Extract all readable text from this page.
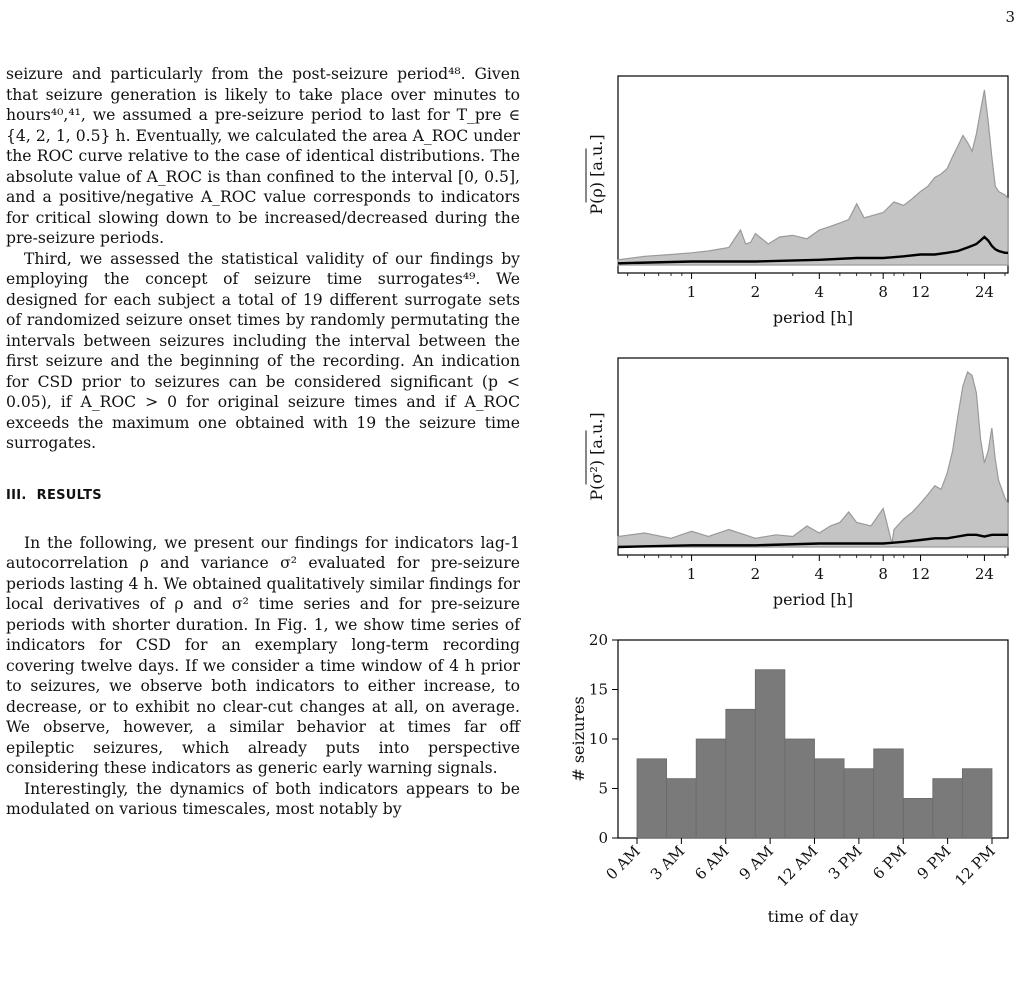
3

seizure and particularly from the post-seizure period⁴⁸. Given that seizure generation is likely to take place over minutes to hours⁴⁰,⁴¹, we assumed a pre-seizure period to last for T_pre ∈ {4, 2, 1, 0.5} h. Eventually, we calculated the area A_ROC under the ROC curve relative to the case of identical distributions. The absolute value of A_ROC is than confined to the interval [0, 0.5], and a positive/negative A_ROC value corresponds to indicators for critical slowing down to be increased/decreased during the pre-seizure periods.

Third, we assessed the statistical validity of our findings by employing the concept of seizure time surrogates⁴⁹. We designed for each subject a total of 19 different surrogate sets of randomized seizure onset times by randomly permutating the intervals between seizures including the interval between the first seizure and the beginning of the recording. An indication for CSD prior to seizures can be considered significant (p < 0.05), if A_ROC > 0 for original seizure times and if A_ROC exceeds the maximum one obtained with 19 the seizure time surrogates.

III. RESULTS

In the following, we present our findings for indicators lag-1 autocorrelation ρ and variance σ² evaluated for pre-seizure periods lasting 4 h. We obtained qualitatively similar findings for local derivatives of ρ and σ² time series and for pre-seizure periods with shorter duration. In Fig. 1, we show time series of indicators for CSD for an exemplary long-term recording covering twelve days. If we consider a time window of 4 h prior to seizures, we observe both indicators to either increase, to decrease, or to exhibit no clear-cut changes at all, on average. We observe, however, a similar behavior at times far off epileptic seizures, which already puts into perspective considering these indicators as generic early warning signals.

Interestingly, the dynamics of both indicators appears to be modulated on various timescales, most notably by

1	2	4	8 12	24
period [h]
P(ρ) [a.u.]
1	2	4	8 12	24
period [h]
P(σ²) [a.u.]
0
5
10
15
20
0 AM 3 AM 6 AM 9 AM
12 AM 3 PM 6 PM 9 PM
12 PM
time of day
# seizures
